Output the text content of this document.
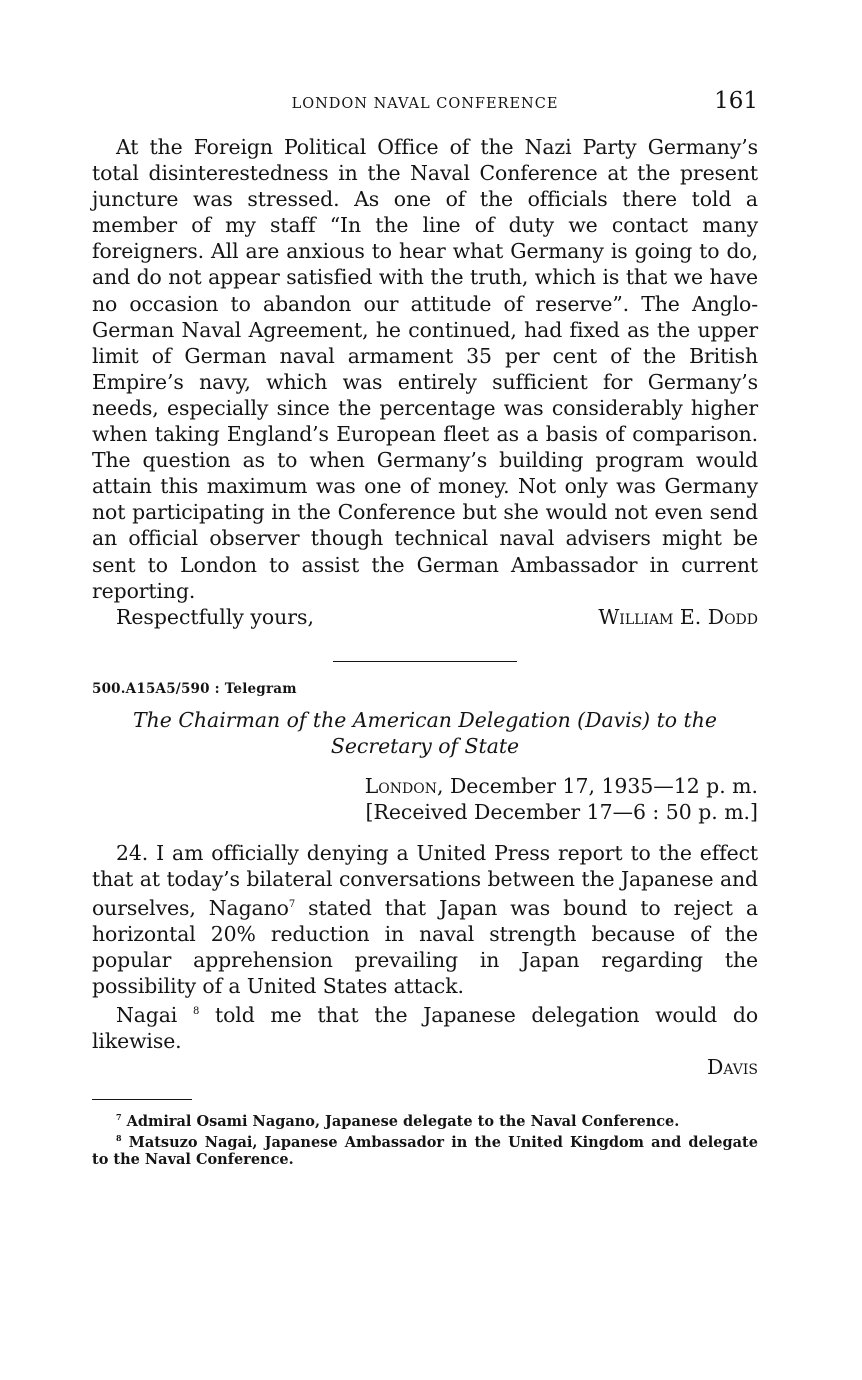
LONDON NAVAL CONFERENCE	161

At the Foreign Political Office of the Nazi Party Germany’s total disinterestedness in the Naval Conference at the present juncture was stressed. As one of the officials there told a member of my staff “In the line of duty we contact many foreigners. All are anxious to hear what Germany is going to do, and do not appear satisfied with the truth, which is that we have no occasion to abandon our attitude of reserve”. The Anglo-German Naval Agreement, he continued, had fixed as the upper limit of German naval armament 35 per cent of the British Empire’s navy, which was entirely sufficient for Germany’s needs, especially since the percentage was considerably higher when taking England’s European fleet as a basis of comparison. The question as to when Germany’s building program would attain this maximum was one of money. Not only was Germany not participating in the Conference but she would not even send an official observer though technical naval advisers might be sent to London to assist the German Ambassador in current reporting.

Respectfully yours,	William E. Dodd
500.A15A5/590 : Telegram
The Chairman of the American Delegation (Davis) to the Secretary of State
London, December 17, 1935—12 p. m.
[Received December 17—6 : 50 p. m.]

24. I am officially denying a United Press report to the effect that at today’s bilateral conversations between the Japanese and ourselves, Nagano$^7$ stated that Japan was bound to reject a horizontal 20% reduction in naval strength because of the popular apprehension prevailing in Japan regarding the possibility of a United States attack.

Nagai $^8$ told me that the Japanese delegation would do likewise.

Davis
$^7$ Admiral Osami Nagano, Japanese delegate to the Naval Conference.
$^8$ Matsuzo Nagai, Japanese Ambassador in the United Kingdom and delegate to the Naval Conference.
